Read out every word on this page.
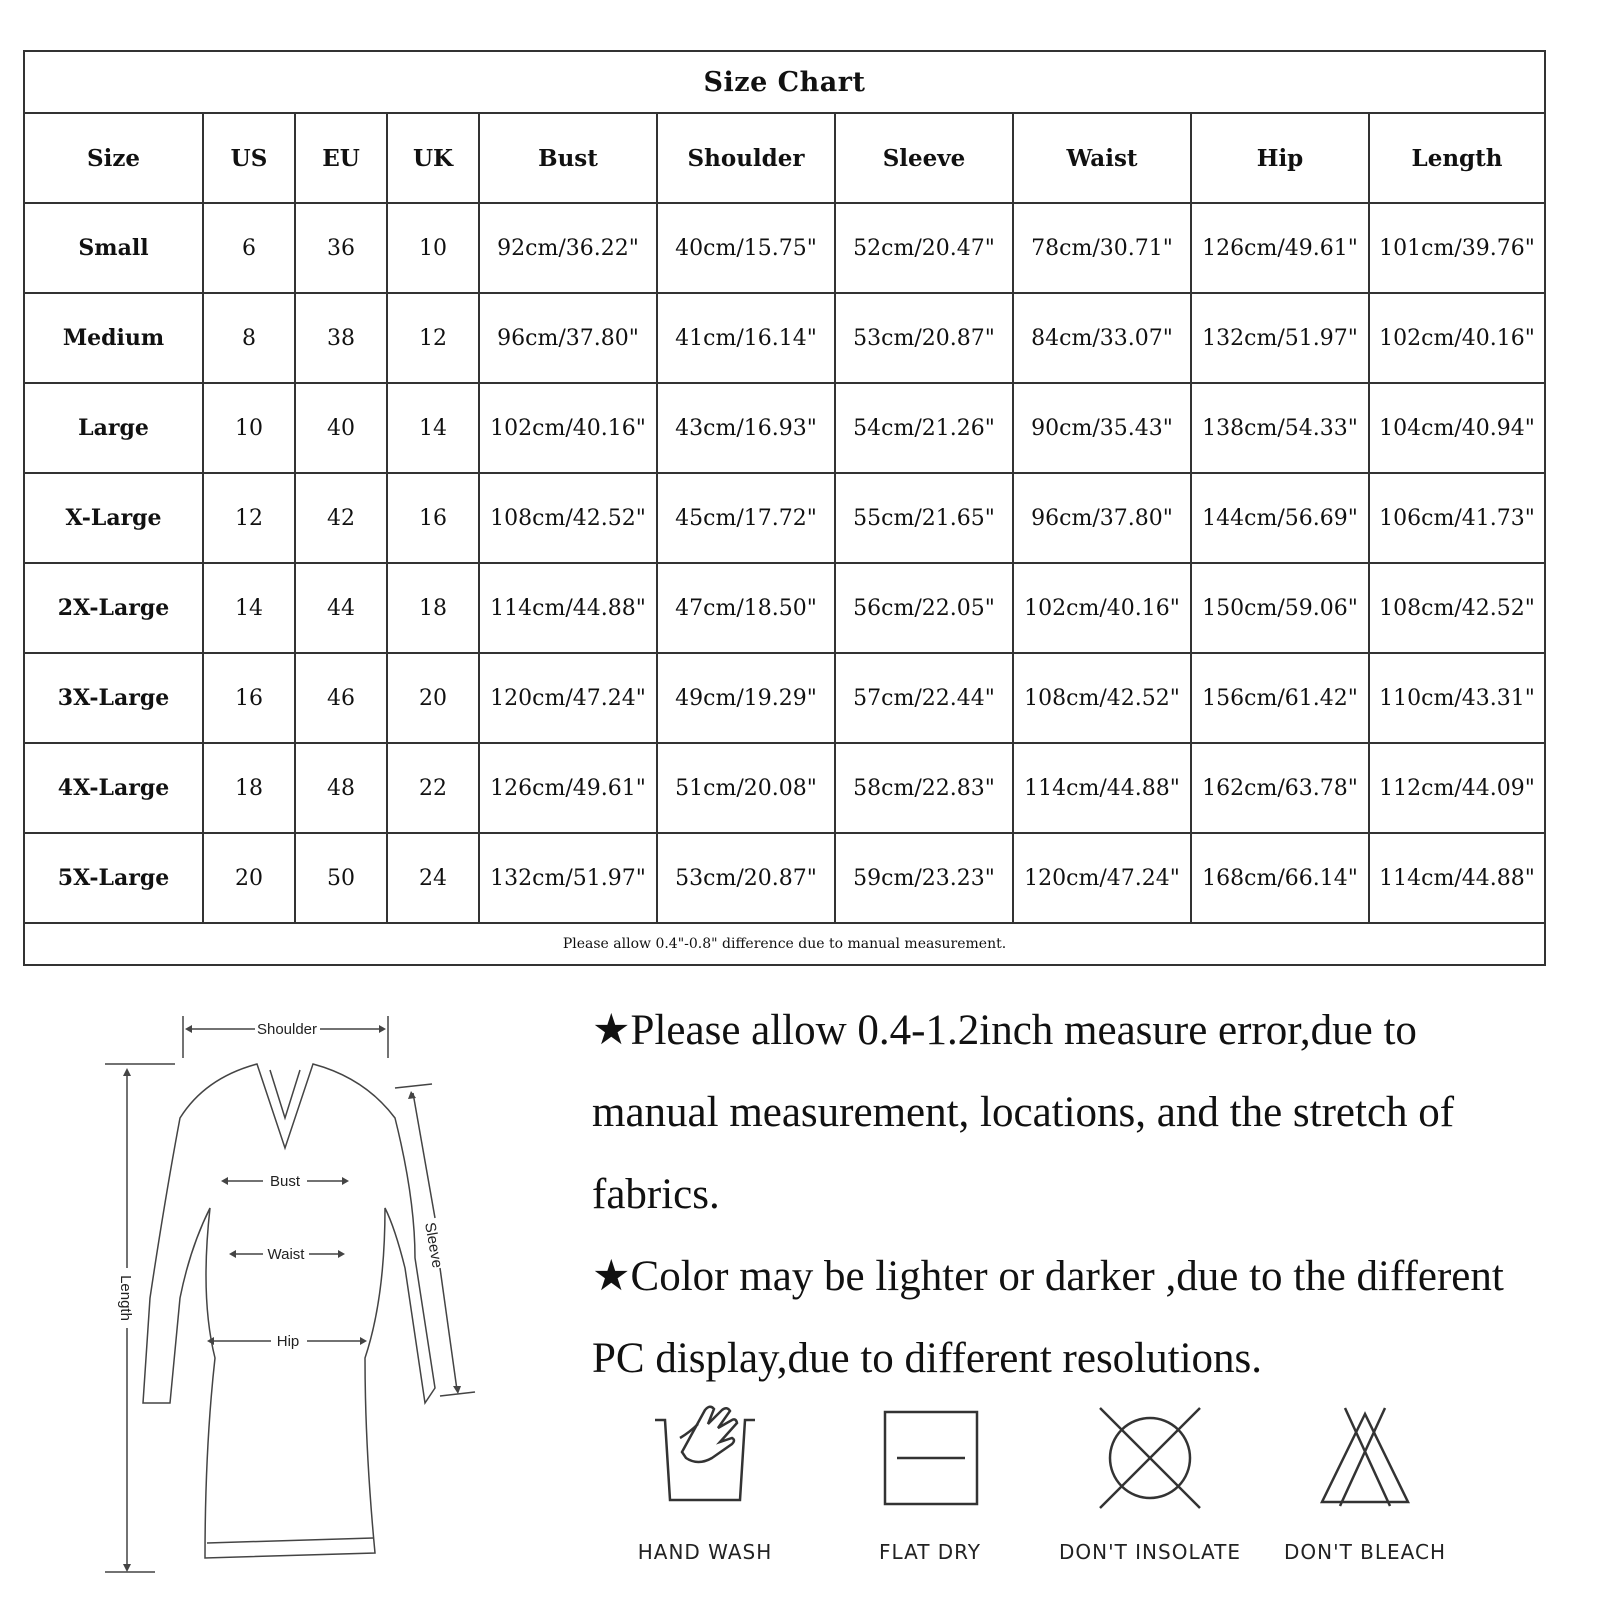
Size Chart
Size	US	EU	UK	Bust	Shoulder	Sleeve	Waist	Hip	Length
Small	6	36	10	92cm/36.22"	40cm/15.75"	52cm/20.47"	78cm/30.71"	126cm/49.61"	101cm/39.76"
Medium	8	38	12	96cm/37.80"	41cm/16.14"	53cm/20.87"	84cm/33.07"	132cm/51.97"	102cm/40.16"
Large	10	40	14	102cm/40.16"	43cm/16.93"	54cm/21.26"	90cm/35.43"	138cm/54.33"	104cm/40.94"
X-Large	12	42	16	108cm/42.52"	45cm/17.72"	55cm/21.65"	96cm/37.80"	144cm/56.69"	106cm/41.73"
2X-Large	14	44	18	114cm/44.88"	47cm/18.50"	56cm/22.05"	102cm/40.16"	150cm/59.06"	108cm/42.52"
3X-Large	16	46	20	120cm/47.24"	49cm/19.29"	57cm/22.44"	108cm/42.52"	156cm/61.42"	110cm/43.31"
4X-Large	18	48	22	126cm/49.61"	51cm/20.08"	58cm/22.83"	114cm/44.88"	162cm/63.78"	112cm/44.09"
5X-Large	20	50	24	132cm/51.97"	53cm/20.87"	59cm/23.23"	120cm/47.24"	168cm/66.14"	114cm/44.88"
Please allow 0.4"-0.8" difference due to manual measurement.
Shoulder
Bust
Waist
Hip
Length
Sleeve

★Please allow 0.4-1.2inch measure error,due to manual measurement, locations, and the stretch of fabrics.

★Color may be lighter or darker ,due to the different PC display,due to different resolutions.

HAND WASH	FLAT DRY	DON'T INSOLATE	DON'T BLEACH
